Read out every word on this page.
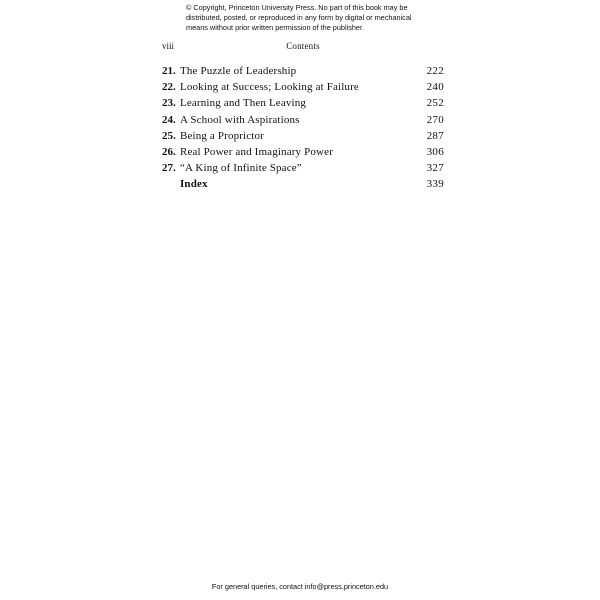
© Copyright, Princeton University Press. No part of this book may be
distributed, posted, or reproduced in any form by digital or mechanical
means without prior written permission of the publisher.
viii	Contents
21. The Puzzle of Leadership	222
22. Looking at Success; Looking at Failure	240
23. Learning and Then Leaving	252
24. A School with Aspirations	270
25. Being a Proprictor	287
26. Real Power and Imaginary Power	306
27. “A King of Infinite Space”	327
Index	339
For general queries, contact info@press.princeton.edu
